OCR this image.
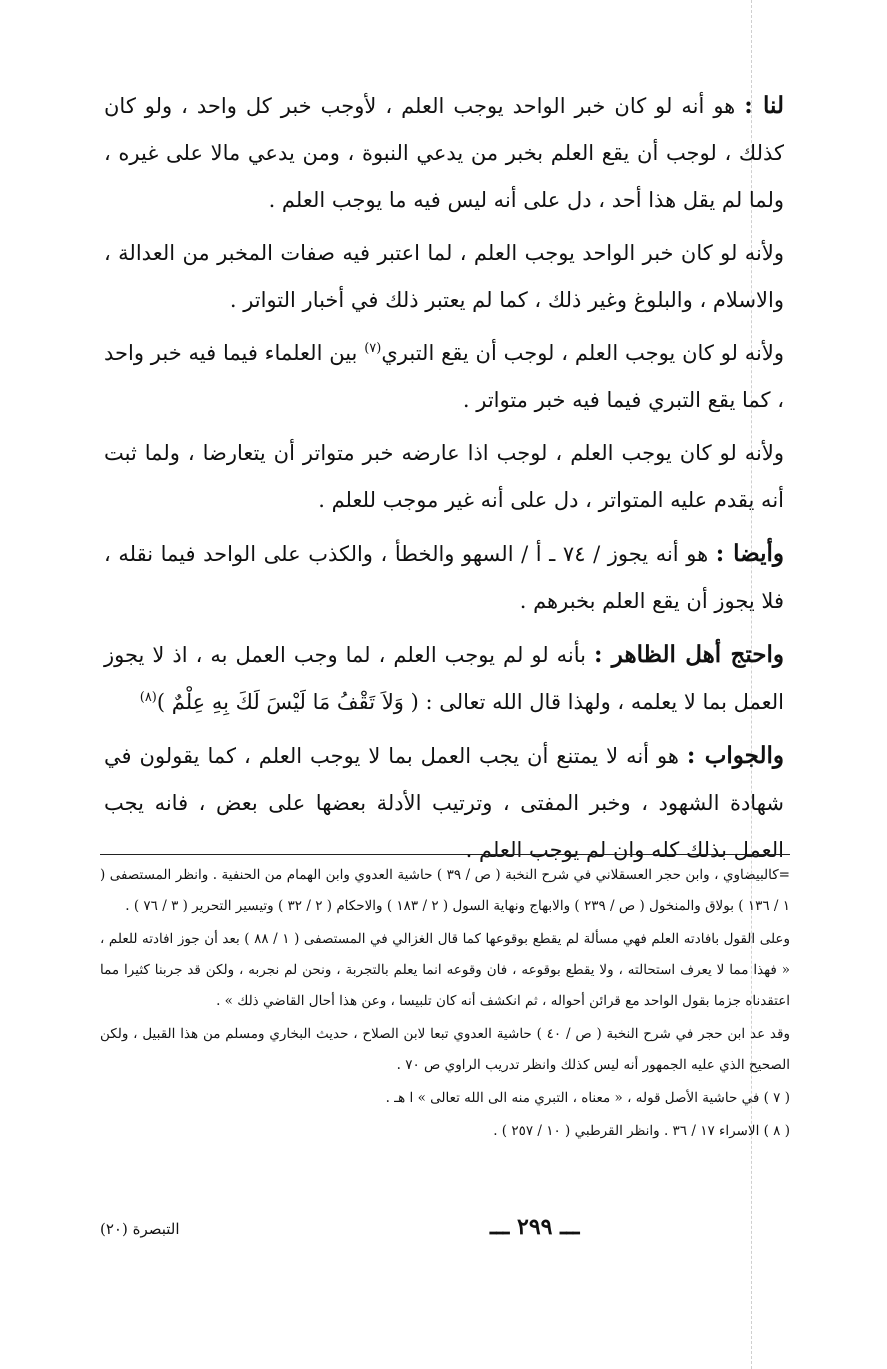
لنا : هو أنه لو كان خبر الواحد يوجب العلم ، لأوجب خبر كل واحد ، ولو كان كذلك ، لوجب أن يقع العلم بخبر من يدعي النبوة ، ومن يدعي مالا على غيره ، ولما لم يقل هذا أحد ، دل على أنه ليس فيه ما يوجب العلم .

ولأنه لو كان خبر الواحد يوجب العلم ، لما اعتبر فيه صفات المخبر من العدالة ، والاسلام ، والبلوغ وغير ذلك ، كما لم يعتبر ذلك في أخبار التواتر .

ولأنه لو كان يوجب العلم ، لوجب أن يقع التبري$^{(٧)}$ بين العلماء فيما فيه خبر واحد ، كما يقع التبري فيما فيه خبر متواتر .

ولأنه لو كان يوجب العلم ، لوجب اذا عارضه خبر متواتر أن يتعارضا ، ولما ثبت أنه يقدم عليه المتواتر ، دل على أنه غير موجب للعلم .

وأيضا : هو أنه يجوز / ٧٤ ـ أ / السهو والخطأ ، والكذب على الواحد فيما نقله ، فلا يجوز أن يقع العلم بخبرهم .

واحتج أهل الظاهر : بأنه لو لم يوجب العلم ، لما وجب العمل به ، اذ لا يجوز العمل بما لا يعلمه ، ولهذا قال الله تعالى : ( وَلاَ تَقْفُ مَا لَيْسَ لَكَ بِهِ عِلْمٌ )$^{(٨)}$

والجواب : هو أنه لا يمتنع أن يجب العمل بما لا يوجب العلم ، كما يقولون في شهادة الشهود ، وخبر المفتى ، وترتيب الأدلة بعضها على بعض ، فانه يجب العمل بذلك كله وان لم يوجب العلم .

=كالبيضاوي ، وابن حجر العسقلاني في شرح النخبة ( ص / ٣٩ ) حاشية العدوي وابن الهمام من الحنفية . وانظر المستصفى ( ١ / ١٣٦ ) بولاق والمنخول ( ص / ٢٣٩ ) والابهاج ونهاية السول ( ٢ / ١٨٣ ) والاحكام ( ٢ / ٣٢ ) وتيسير التحرير ( ٣ / ٧٦ ) .

وعلى القول بافادته العلم فهي مسألة لم يقطع بوقوعها كما قال الغزالي في المستصفى ( ١ / ٨٨ ) بعد أن جوز افادته للعلم ، « فهذا مما لا يعرف استحالته ، ولا يقطع بوقوعه ، فان وقوعه انما يعلم بالتجربة ، ونحن لم نجربه ، ولكن قد جربنا كثيرا مما اعتقدناه جزما بقول الواحد مع قرائن أحواله ، ثم انكشف أنه كان تلبيسا ، وعن هذا أحال القاضي ذلك » .

وقد عد ابن حجر في شرح النخبة ( ص / ٤٠ ) حاشية العدوي تبعا لابن الصلاح ، حديث البخاري ومسلم من هذا القبيل ، ولكن الصحيح الذي عليه الجمهور أنه ليس كذلك وانظر تدريب الراوي ص ٧٠ .

( ٧ ) في حاشية الأصل قوله ، « معناه ، التبري منه الى الله تعالى » ا هـ .

( ٨ ) الاسراء ١٧ / ٣٦ . وانظر القرطبي ( ١٠ / ٢٥٧ ) .

التبصرة (٢٠)	ـــ ٢٩٩ ـــ
